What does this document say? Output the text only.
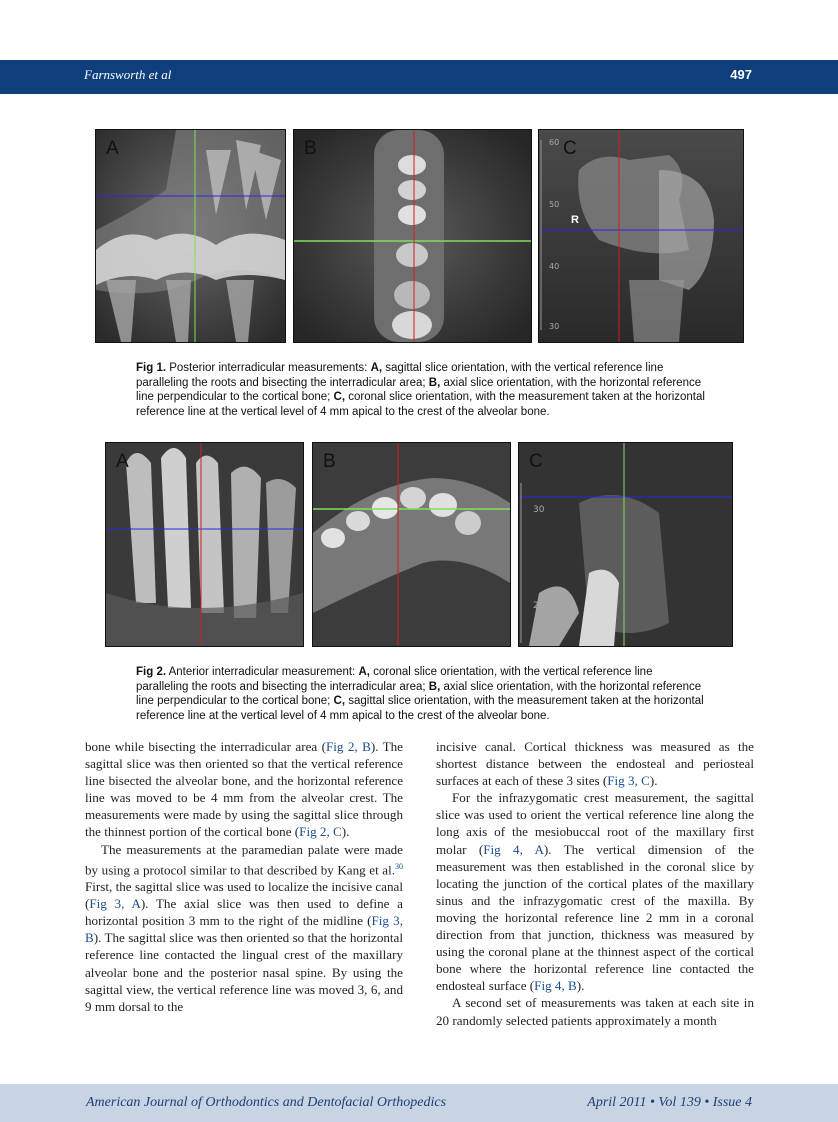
Farnsworth et al	497
A	B	60
50
40
30
R
C
Fig 1. Posterior interradicular measurements: A, sagittal slice orientation, with the vertical reference line paralleling the roots and bisecting the interradicular area; B, axial slice orientation, with the horizontal reference line perpendicular to the cortical bone; C, coronal slice orientation, with the measurement taken at the horizontal reference line at the vertical level of 4 mm apical to the crest of the alveolar bone.
A	B
30
20
C
Fig 2. Anterior interradicular measurement: A, coronal slice orientation, with the vertical reference line paralleling the roots and bisecting the interradicular area; B, axial slice orientation, with the horizontal reference line perpendicular to the cortical bone; C, sagittal slice orientation, with the measurement taken at the horizontal reference line at the vertical level of 4 mm apical to the crest of the alveolar bone.

bone while bisecting the interradicular area (Fig 2, B). The sagittal slice was then oriented so that the vertical reference line bisected the alveolar bone, and the horizontal reference line was moved to be 4 mm from the alveolar crest. The measurements were made by using the sagittal slice through the thinnest portion of the cortical bone (Fig 2, C).

The measurements at the paramedian palate were made by using a protocol similar to that described by Kang et al.$^{30}$ First, the sagittal slice was used to localize the incisive canal (Fig 3, A). The axial slice was then used to define a horizontal position 3 mm to the right of the midline (Fig 3, B). The sagittal slice was then oriented so that the horizontal reference line contacted the lingual crest of the maxillary alveolar bone and the posterior nasal spine. By using the sagittal view, the vertical reference line was moved 3, 6, and 9 mm dorsal to the

incisive canal. Cortical thickness was measured as the shortest distance between the endosteal and periosteal surfaces at each of these 3 sites (Fig 3, C).

For the infrazygomatic crest measurement, the sagittal slice was used to orient the vertical reference line along the long axis of the mesiobuccal root of the maxillary first molar (Fig 4, A). The vertical dimension of the measurement was then established in the coronal slice by locating the junction of the cortical plates of the maxillary sinus and the infrazygomatic crest of the maxilla. By moving the horizontal reference line 2 mm in a coronal direction from that junction, thickness was measured by using the coronal plane at the thinnest aspect of the cortical bone where the horizontal reference line contacted the endosteal surface (Fig 4, B).

A second set of measurements was taken at each site in 20 randomly selected patients approximately a month

American Journal of Orthodontics and Dentofacial Orthopedics	April 2011 • Vol 139 • Issue 4
